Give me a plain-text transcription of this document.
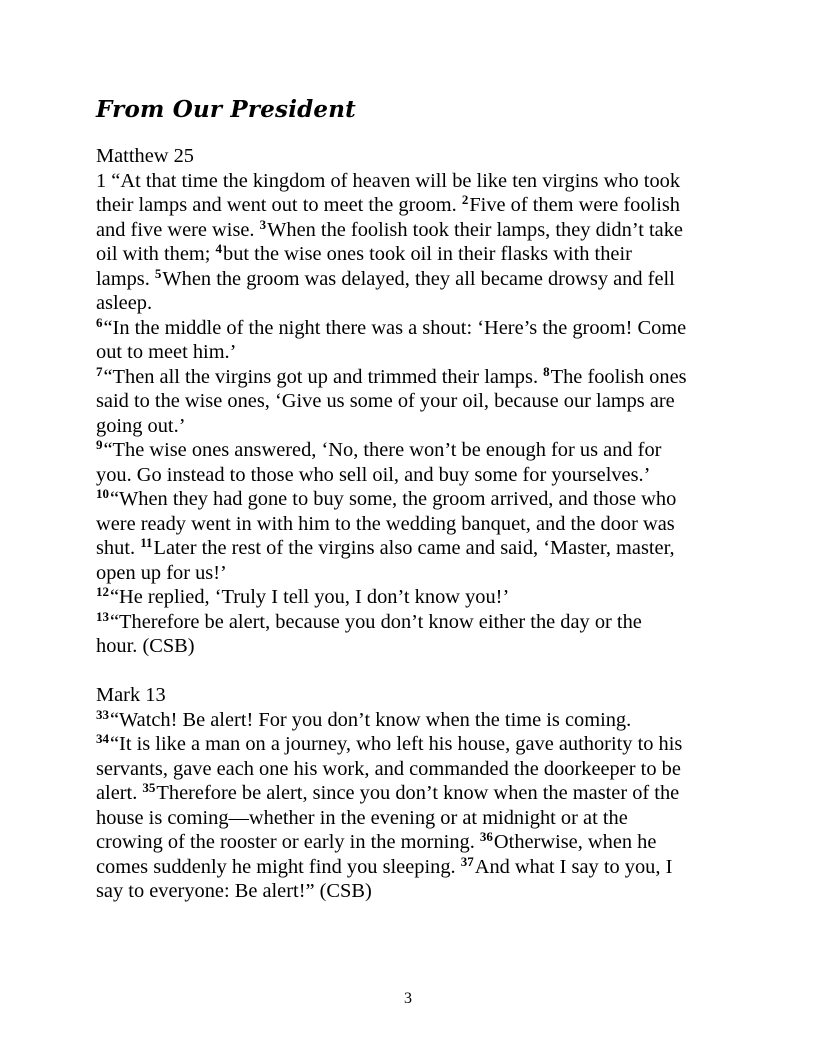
From Our President
Matthew 25
1 “At that time the kingdom of heaven will be like ten virgins who took
their lamps and went out to meet the groom. $^2$Five of them were foolish
and five were wise. $^3$When the foolish took their lamps, they didn’t take
oil with them; $^4$but the wise ones took oil in their flasks with their
lamps. $^5$When the groom was delayed, they all became drowsy and fell
asleep.
$^6$“In the middle of the night there was a shout: ‘Here’s the groom! Come
out to meet him.’
$^7$“Then all the virgins got up and trimmed their lamps. $^8$The foolish ones
said to the wise ones, ‘Give us some of your oil, because our lamps are
going out.’
$^9$“The wise ones answered, ‘No, there won’t be enough for us and for
you. Go instead to those who sell oil, and buy some for yourselves.’
$^{10}$“When they had gone to buy some, the groom arrived, and those who
were ready went in with him to the wedding banquet, and the door was
shut. $^{11}$Later the rest of the virgins also came and said, ‘Master, master,
open up for us!’
$^{12}$“He replied, ‘Truly I tell you, I don’t know you!’
$^{13}$“Therefore be alert, because you don’t know either the day or the
hour. (CSB)
Mark 13
$^{33}$“Watch! Be alert! For you don’t know when the time is coming.
$^{34}$“It is like a man on a journey, who left his house, gave authority to his
servants, gave each one his work, and commanded the doorkeeper to be
alert. $^{35}$Therefore be alert, since you don’t know when the master of the
house is coming—whether in the evening or at midnight or at the
crowing of the rooster or early in the morning. $^{36}$Otherwise, when he
comes suddenly he might find you sleeping. $^{37}$And what I say to you, I
say to everyone: Be alert!” (CSB)
3
